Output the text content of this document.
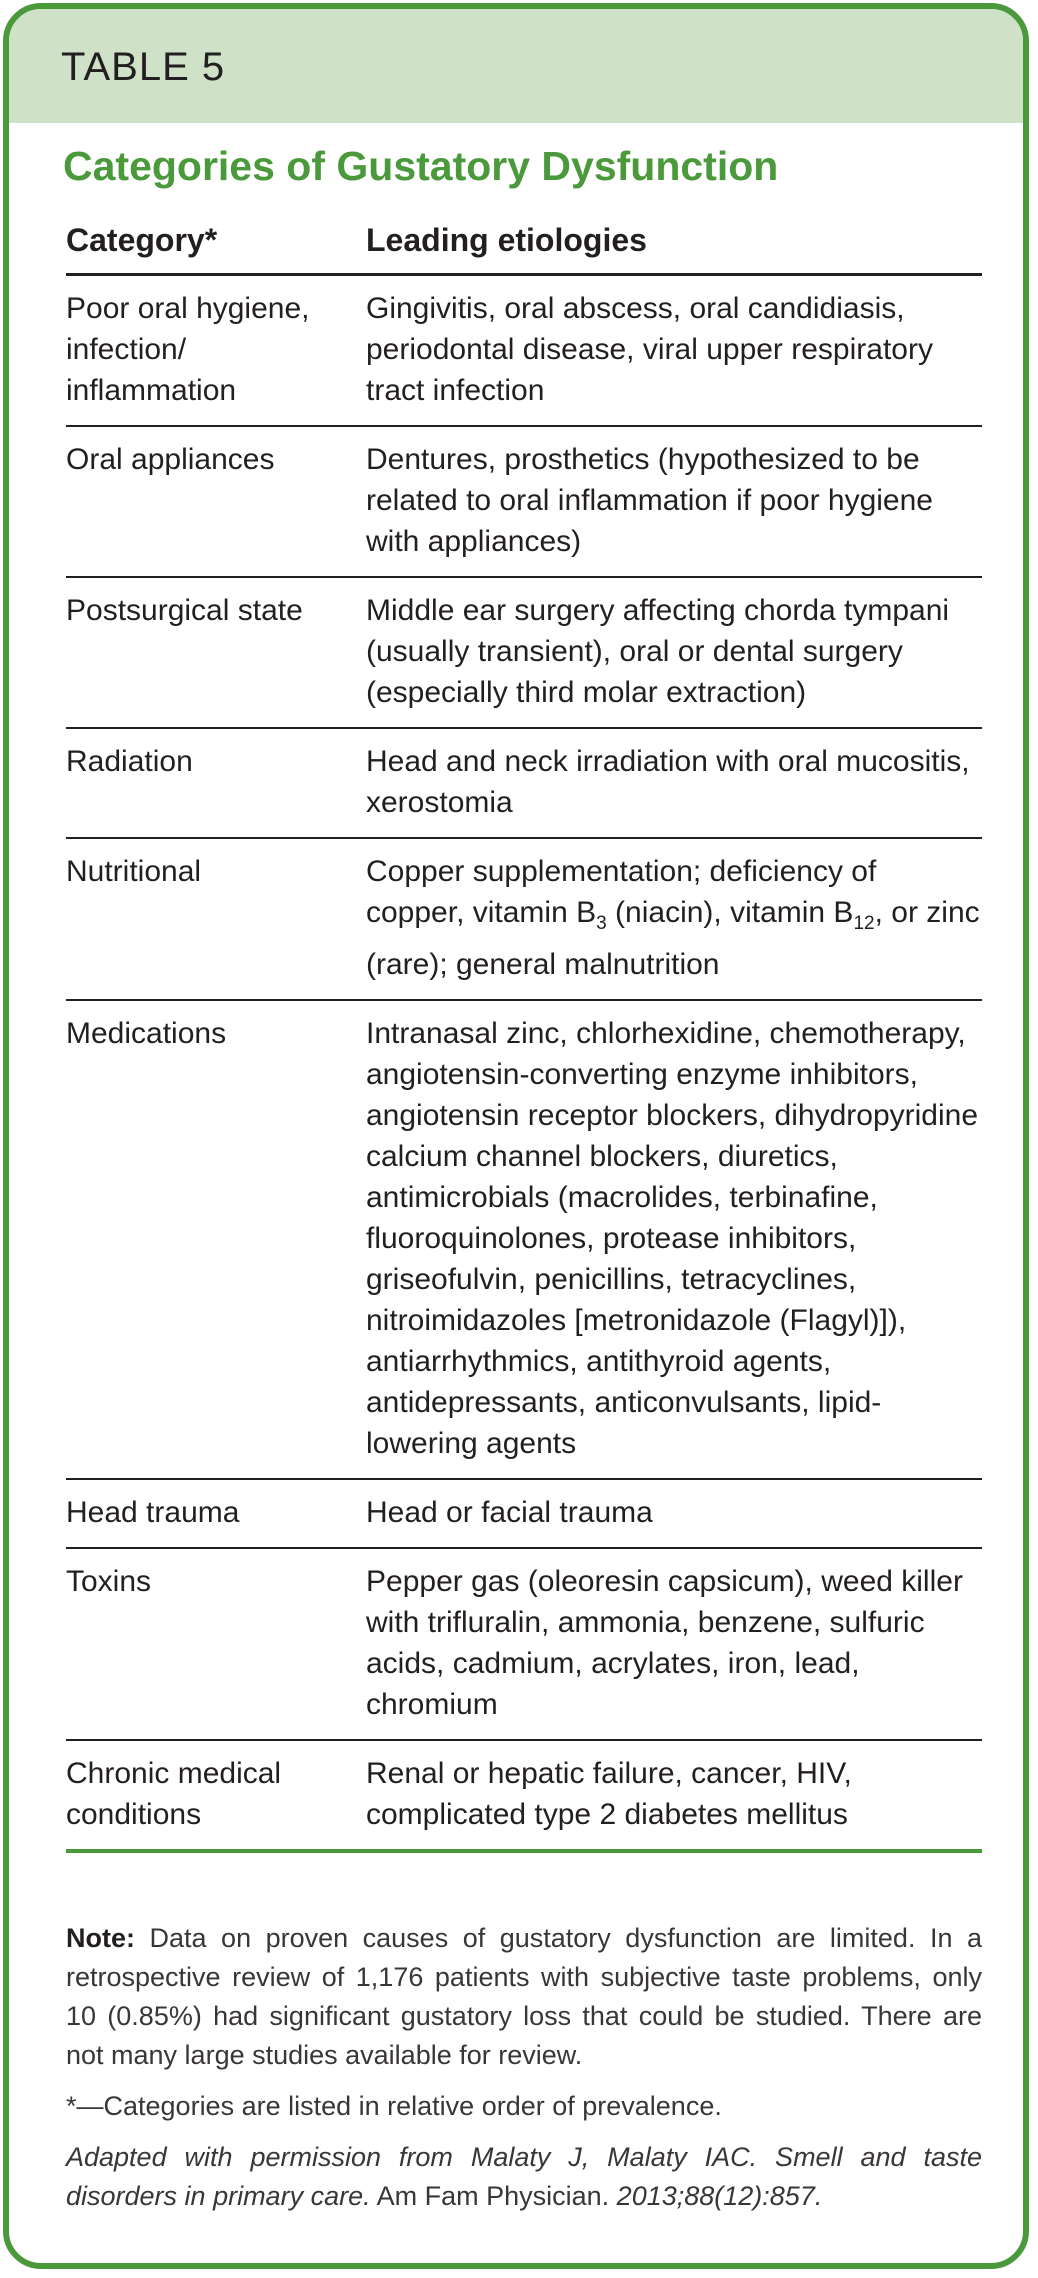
TABLE 5
Categories of Gustatory Dysfunction
Category*	Leading etiologies
Poor oral hygiene, infection/ inflammation	Gingivitis, oral abscess, oral candidiasis, periodontal disease, viral upper respiratory tract infection
Oral appliances	Dentures, prosthetics (hypothesized to be related to oral inflammation if poor hygiene with appliances)
Postsurgical state	Middle ear surgery affecting chorda tympani (usually transient), oral or dental surgery (especially third molar extraction)
Radiation	Head and neck irradiation with oral mucositis, xerostomia
Nutritional	Copper supplementation; deficiency of copper, vitamin $B_3$ (niacin), vitamin $B_{12}$, or zinc (rare); general malnutrition
Medications	Intranasal zinc, chlorhexidine, chemotherapy, angiotensin-converting enzyme inhibitors, angiotensin receptor blockers, dihydropyridine calcium channel blockers, diuretics, antimicrobials (macrolides, terbinafine, fluoroquinolones, protease inhibitors, griseofulvin, penicillins, tetracyclines, nitroimidazoles [metronidazole (Flagyl)]), antiarrhythmics, antithyroid agents, antidepressants, anticonvulsants, lipid-lowering agents
Head trauma	Head or facial trauma
Toxins	Pepper gas (oleoresin capsicum), weed killer with trifluralin, ammonia, benzene, sulfuric acids, cadmium, acrylates, iron, lead, chromium
Chronic medical conditions	Renal or hepatic failure, cancer, HIV, complicated type 2 diabetes mellitus

Note: Data on proven causes of gustatory dysfunction are limited. In a retrospective review of 1,176 patients with subjective taste problems, only 10 (0.85%) had significant gustatory loss that could be studied. There are not many large studies available for review.

*—Categories are listed in relative order of prevalence.

Adapted with permission from Malaty J, Malaty IAC. Smell and taste disorders in primary care. Am Fam Physician. 2013;88(12):857.
